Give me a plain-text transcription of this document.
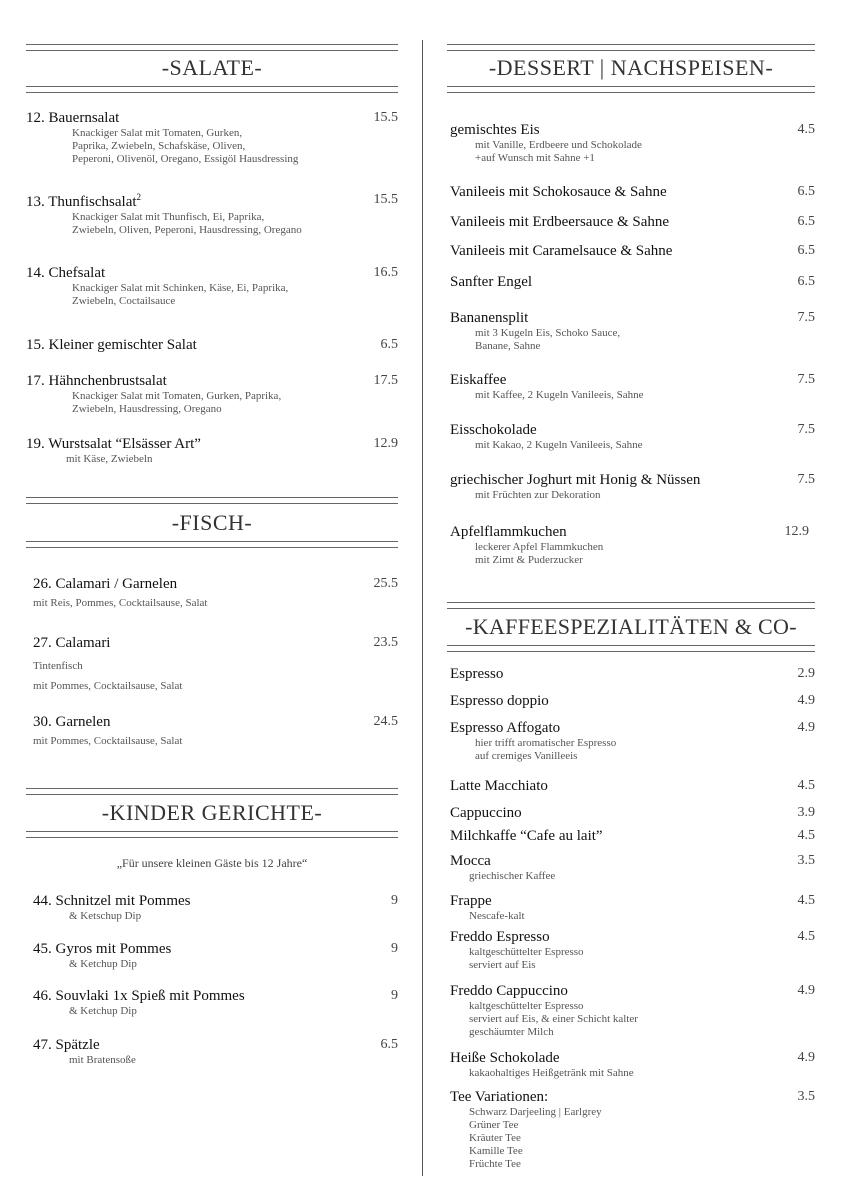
-SALATE-
12. Bauernsalat	15.5
Knackiger Salat mit Tomaten, Gurken,
Paprika, Zwiebeln, Schafskäse, Oliven,
Peperoni, Olivenöl, Oregano, Essigöl Hausdressing
13. Thunfischsalat$^2$	15.5
Knackiger Salat mit Thunfisch, Ei, Paprika,
Zwiebeln, Oliven, Peperoni, Hausdressing, Oregano
14. Chefsalat	16.5
Knackiger Salat mit Schinken, Käse, Ei, Paprika,
Zwiebeln, Coctailsauce
15. Kleiner gemischter Salat	6.5
17. Hähnchenbrustsalat	17.5
Knackiger Salat mit Tomaten, Gurken, Paprika,
Zwiebeln, Hausdressing, Oregano
19. Wurstsalat “Elsässer Art”	12.9
mit Käse, Zwiebeln
-FISCH-
26. Calamari / Garnelen	25.5
mit Reis, Pommes, Cocktailsause, Salat
27. Calamari	23.5
Tintenfisch
mit Pommes, Cocktailsause, Salat
30. Garnelen	24.5
mit Pommes, Cocktailsause, Salat
-KINDER GERICHTE-
„Für unsere kleinen Gäste bis 12 Jahre“
44. Schnitzel mit Pommes	9
& Ketschup Dip
45. Gyros mit Pommes	9
& Ketchup Dip
46. Souvlaki 1x Spieß mit Pommes	9
& Ketchup Dip
47. Spätzle	6.5
mit Bratensoße
-DESSERT | NACHSPEISEN-
gemischtes Eis	4.5
mit Vanille, Erdbeere und Schokolade
+auf Wunsch mit Sahne +1
Vanileeis mit Schokosauce & Sahne	6.5
Vanileeis mit Erdbeersauce & Sahne	6.5
Vanileeis mit Caramelsauce & Sahne	6.5
Sanfter Engel	6.5
Bananensplit	7.5
mit 3 Kugeln Eis, Schoko Sauce,
Banane, Sahne
Eiskaffee	7.5
mit Kaffee, 2 Kugeln Vanileeis, Sahne
Eisschokolade	7.5
mit Kakao, 2 Kugeln Vanileeis, Sahne
griechischer Joghurt mit Honig & Nüssen	7.5
mit Früchten zur Dekoration
Apfelflammkuchen	12.9
leckerer Apfel Flammkuchen
mit Zimt & Puderzucker
-KAFFEESPEZIALITÄTEN & CO-
Espresso	2.9
Espresso doppio	4.9
Espresso Affogato	4.9
hier trifft aromatischer Espresso
auf cremiges Vanilleeis
Latte Macchiato	4.5
Cappuccino	3.9
Milchkaffe “Cafe au lait”	4.5
Mocca	3.5
griechischer Kaffee
Frappe	4.5
Nescafe-kalt
Freddo Espresso	4.5
kaltgeschüttelter Espresso
serviert auf Eis
Freddo Cappuccino	4.9
kaltgeschüttelter Espresso
serviert auf Eis, & einer Schicht kalter
geschäumter Milch
Heiße Schokolade	4.9
kakaohaltiges Heißgetränk mit Sahne
Tee Variationen:	3.5
Schwarz Darjeeling | Earlgrey
Grüner Tee
Kräuter Tee
Kamille Tee
Früchte Tee
